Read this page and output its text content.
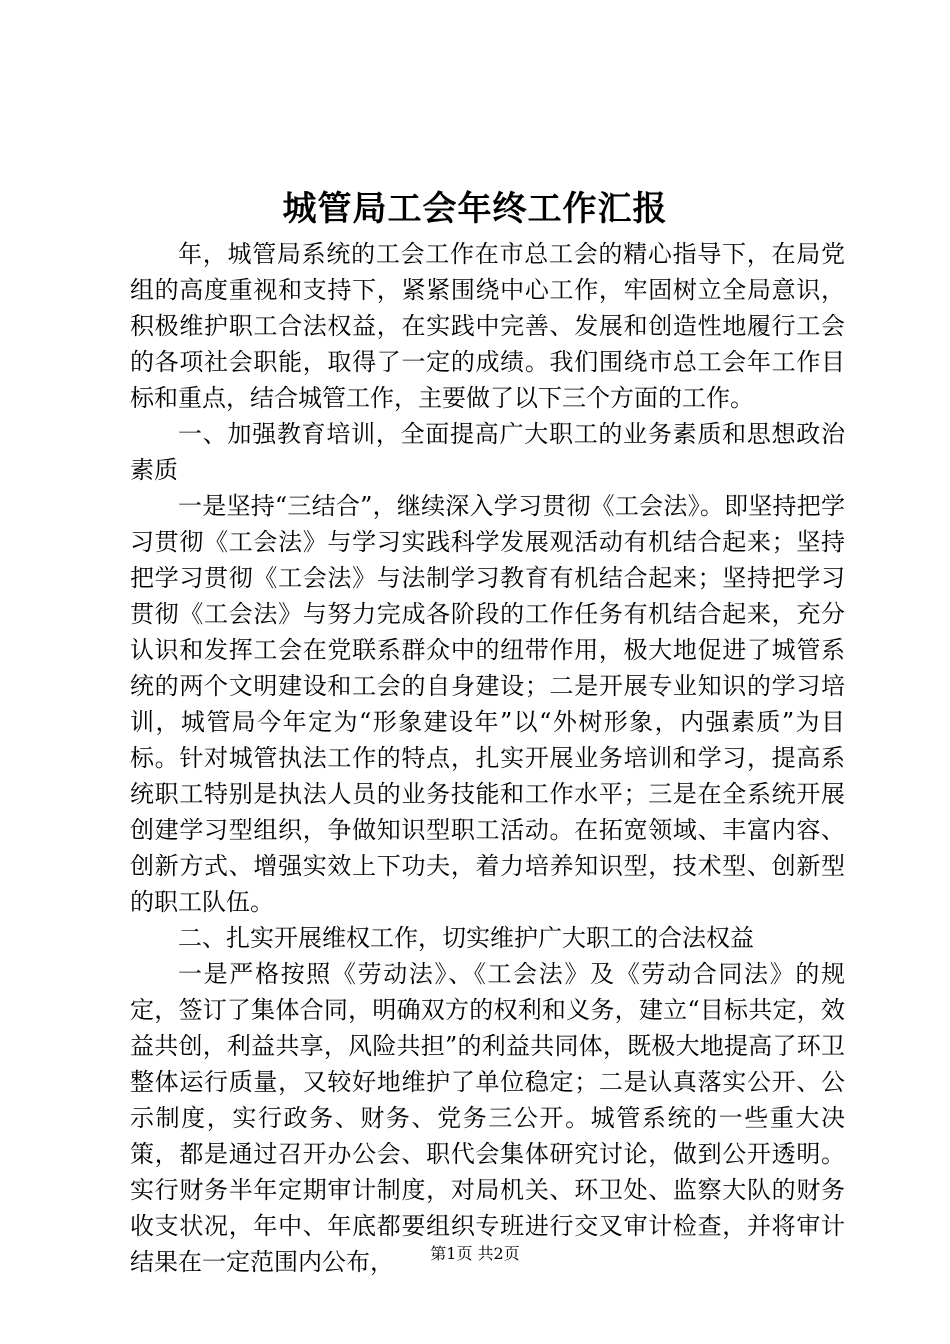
城管局工会年终工作汇报

年，城管局系统的工会工作在市总工会的精心指导下，在局党组的高度重视和支持下，紧紧围绕中心工作，牢固树立全局意识，积极维护职工合法权益，在实践中完善、发展和创造性地履行工会的各项社会职能，取得了一定的成绩。我们围绕市总工会年工作目标和重点，结合城管工作，主要做了以下三个方面的工作。

一、加强教育培训，全面提高广大职工的业务素质和思想政治素质

一是坚持“三结合”，继续深入学习贯彻《工会法》。即坚持把学习贯彻《工会法》与学习实践科学发展观活动有机结合起来；坚持把学习贯彻《工会法》与法制学习教育有机结合起来；坚持把学习贯彻《工会法》与努力完成各阶段的工作任务有机结合起来，充分认识和发挥工会在党联系群众中的纽带作用，极大地促进了城管系统的两个文明建设和工会的自身建设；二是开展专业知识的学习培训，城管局今年定为“形象建设年”以“外树形象，内强素质”为目标。针对城管执法工作的特点，扎实开展业务培训和学习，提高系统职工特别是执法人员的业务技能和工作水平；三是在全系统开展创建学习型组织，争做知识型职工活动。在拓宽领域、丰富内容、创新方式、增强实效上下功夫，着力培养知识型，技术型、创新型的职工队伍。

二、扎实开展维权工作，切实维护广大职工的合法权益

一是严格按照《劳动法》、《工会法》及《劳动合同法》的规定，签订了集体合同，明确双方的权利和义务，建立“目标共定，效益共创，利益共享，风险共担”的利益共同体，既极大地提高了环卫整体运行质量，又较好地维护了单位稳定；二是认真落实公开、公示制度，实行政务、财务、党务三公开。城管系统的一些重大决策，都是通过召开办公会、职代会集体研究讨论，做到公开透明。实行财务半年定期审计制度，对局机关、环卫处、监察大队的财务收支状况，年中、年底都要组织专班进行交叉审计检查，并将审计结果在一定范围内公布，	第1页 共2页
